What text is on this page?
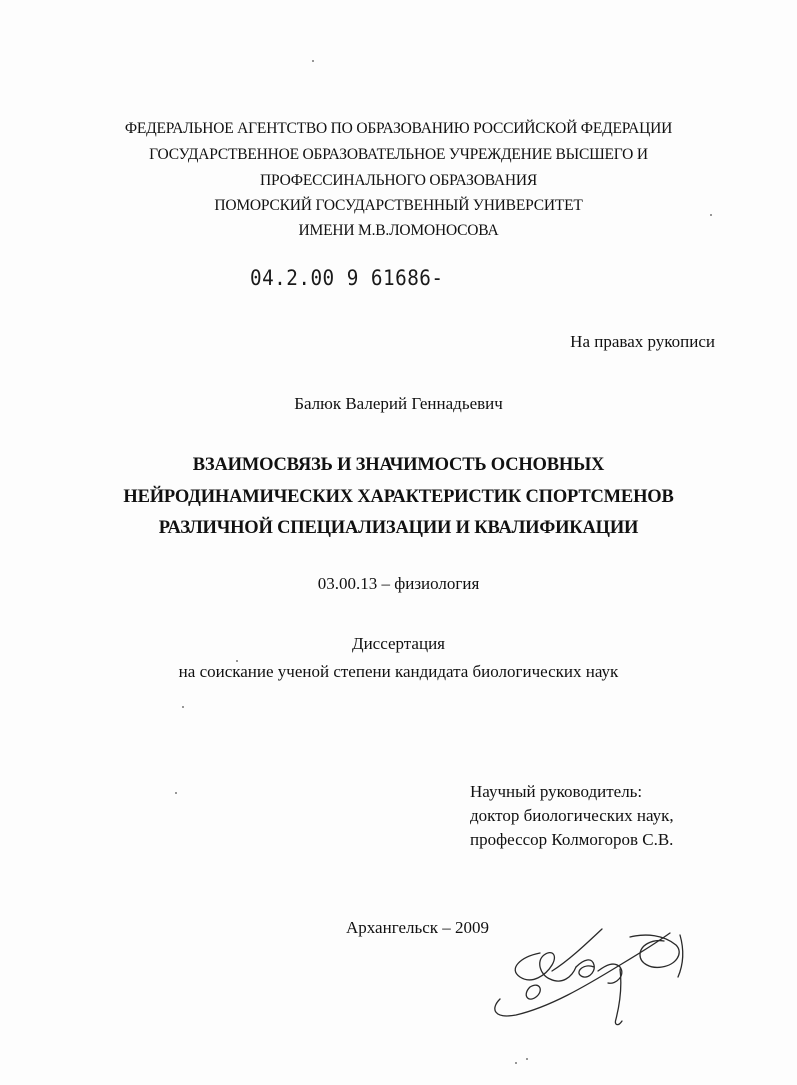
ФЕДЕРАЛЬНОЕ АГЕНТСТВО ПО ОБРАЗОВАНИЮ РОССИЙСКОЙ ФЕДЕРАЦИИ
ГОСУДАРСТВЕННОЕ ОБРАЗОВАТЕЛЬНОЕ УЧРЕЖДЕНИЕ ВЫСШЕГО И
ПРОФЕССИНАЛЬНОГО ОБРАЗОВАНИЯ
ПОМОРСКИЙ ГОСУДАРСТВЕННЫЙ УНИВЕРСИТЕТ
ИМЕНИ М.В.ЛОМОНОСОВА
04.2.00 9 61686-
На правах рукописи
Балюк Валерий Геннадьевич
ВЗАИМОСВЯЗЬ И ЗНАЧИМОСТЬ ОСНОВНЫХ
НЕЙРОДИНАМИЧЕСКИХ ХАРАКТЕРИСТИК СПОРТСМЕНОВ
РАЗЛИЧНОЙ СПЕЦИАЛИЗАЦИИ И КВАЛИФИКАЦИИ
03.00.13 – физиология
Диссертация
на соискание ученой степени кандидата биологических наук
Научный руководитель:
доктор биологических наук,
профессор Колмогоров С.В.
Архангельск – 2009
